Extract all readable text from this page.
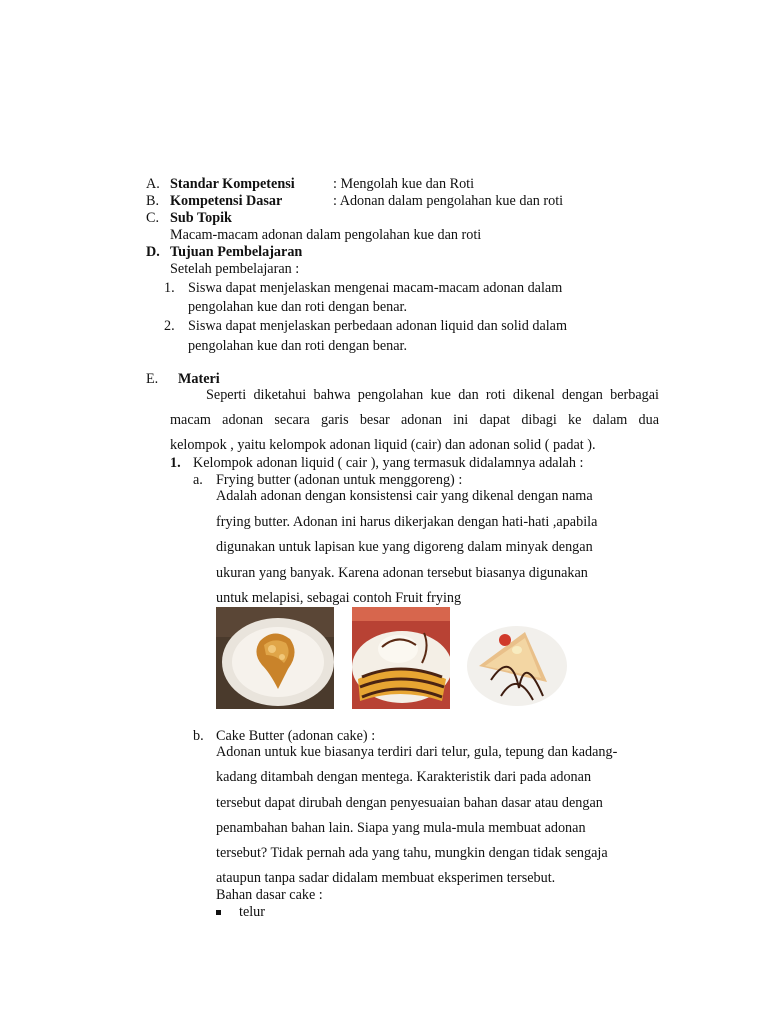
A. Standar Kompetensi	: Mengolah kue dan Roti
B. Kompetensi Dasar	: Adonan dalam pengolahan kue dan roti
C. Sub Topik
Macam-macam adonan dalam pengolahan kue dan roti
D. Tujuan Pembelajaran
Setelah pembelajaran :
1. Siswa dapat menjelaskan mengenai macam-macam adonan dalam
pengolahan kue dan roti dengan benar.
2. Siswa dapat menjelaskan perbedaan adonan liquid dan solid dalam
pengolahan kue dan roti dengan benar.
E. Materi
Seperti diketahui bahwa pengolahan kue dan roti dikenal dengan berbagai
macam adonan secara garis besar adonan ini dapat dibagi ke dalam dua
kelompok , yaitu kelompok adonan liquid (cair) dan adonan solid ( padat ).
1. Kelompok adonan liquid ( cair ), yang termasuk didalamnya adalah :
a. Frying butter (adonan untuk menggoreng) :
Adalah adonan dengan konsistensi cair yang dikenal dengan nama
frying butter. Adonan ini harus dikerjakan dengan hati-hati ,apabila
digunakan untuk lapisan kue yang digoreng dalam minyak dengan
ukuran yang banyak. Karena adonan tersebut biasanya digunakan
untuk melapisi, sebagai contoh Fruit frying
b. Cake Butter (adonan cake) :
Adonan untuk kue biasanya terdiri dari telur, gula, tepung dan kadang-
kadang ditambah dengan mentega. Karakteristik dari pada adonan
tersebut dapat dirubah dengan penyesuaian bahan dasar atau dengan
penambahan bahan lain. Siapa yang mula-mula membuat adonan
tersebut? Tidak pernah ada yang tahu, mungkin dengan tidak sengaja
ataupun tanpa sadar didalam membuat eksperimen tersebut.
Bahan dasar cake :
telur
